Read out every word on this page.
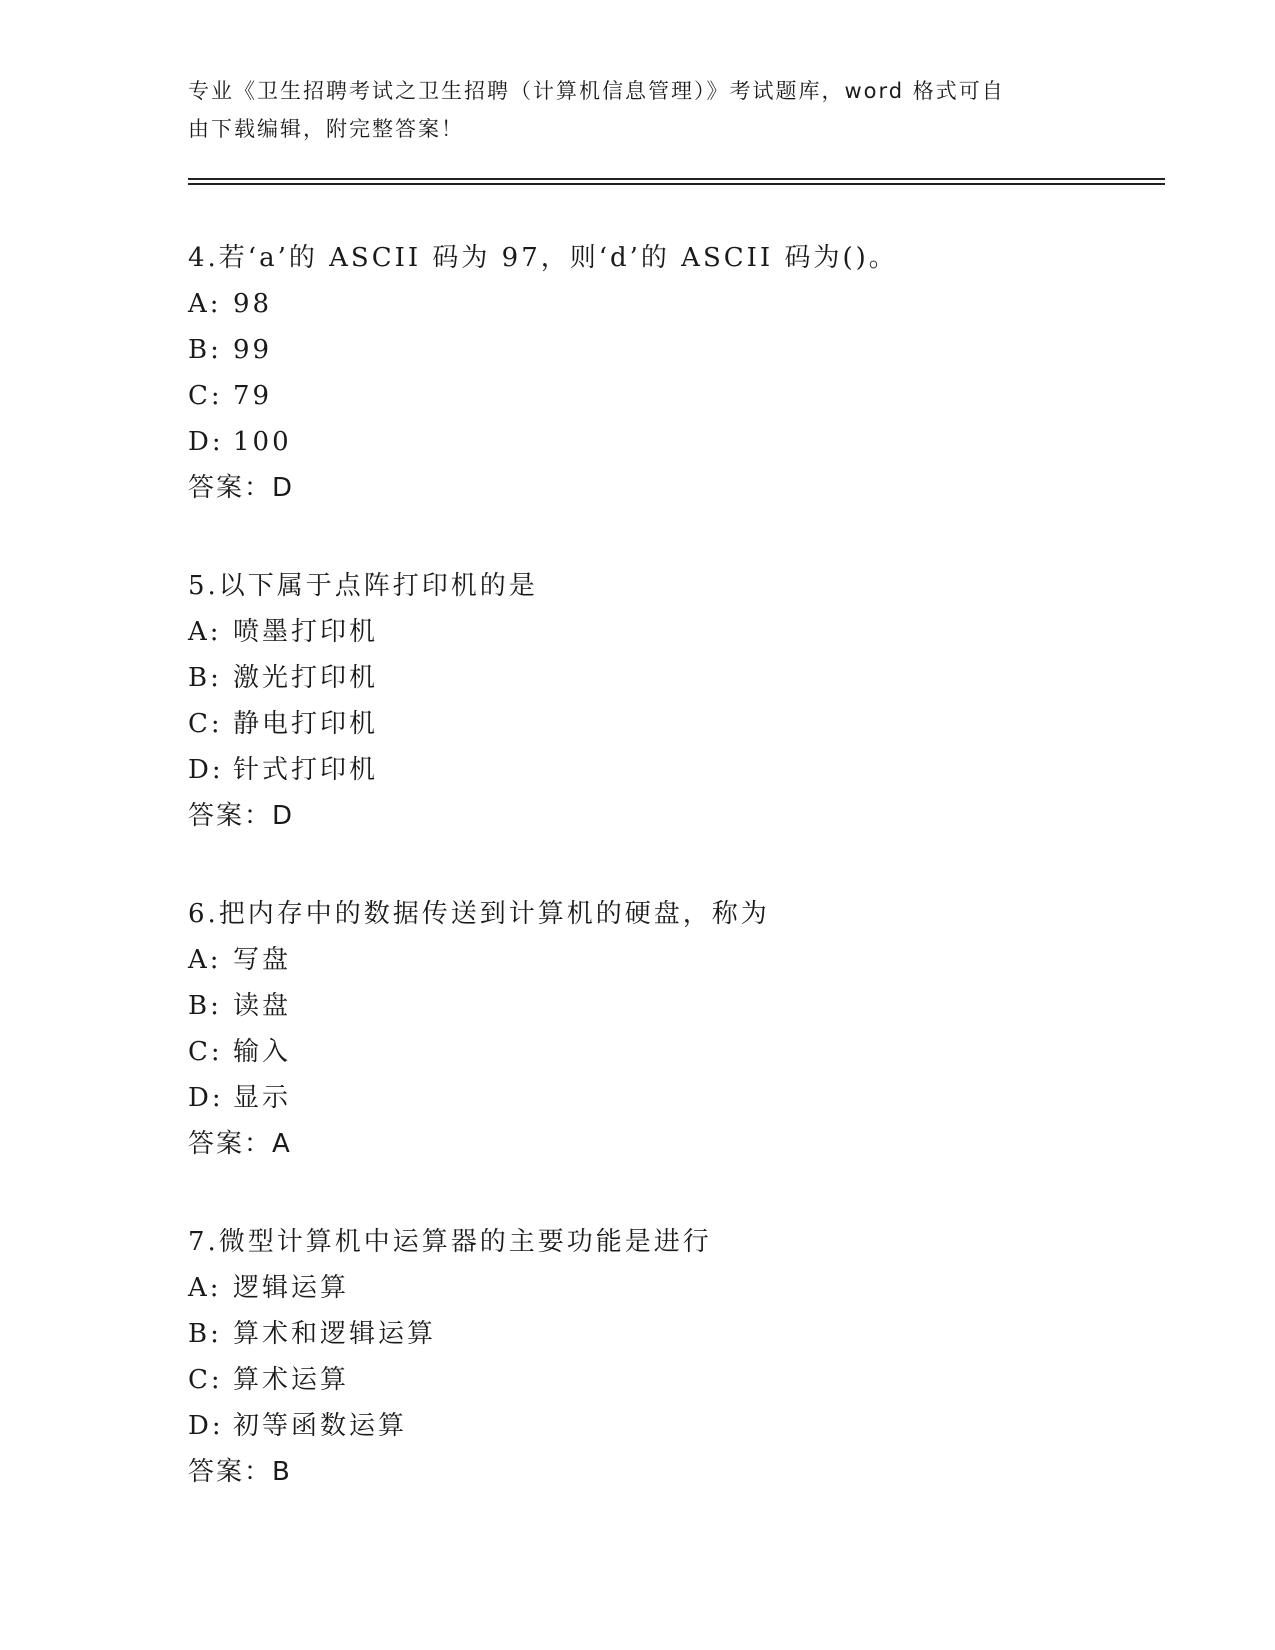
专业《卫生招聘考试之卫生招聘（计算机信息管理）》考试题库，word 格式可自
由下载编辑，附完整答案！
4.若‘a’的 ASCII 码为 97，则‘d’的 ASCII 码为()。
A: 98
B: 99
C: 79
D: 100
答案：D
5.以下属于点阵打印机的是
A: 喷墨打印机
B: 激光打印机
C: 静电打印机
D: 针式打印机
答案：D
6.把内存中的数据传送到计算机的硬盘，称为
A: 写盘
B: 读盘
C: 输入
D: 显示
答案：A
7.微型计算机中运算器的主要功能是进行
A: 逻辑运算
B: 算术和逻辑运算
C: 算术运算
D: 初等函数运算
答案：B
